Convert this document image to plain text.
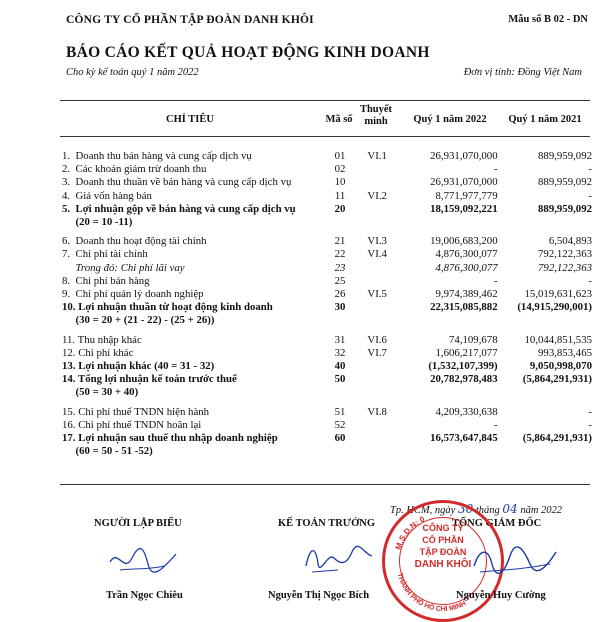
CÔNG TY CỔ PHẦN TẬP ĐOÀN DANH KHÔI	Mẫu số B 02 - DN
BÁO CÁO KẾT QUẢ HOẠT ĐỘNG KINH DOANH
Cho kỳ kế toán quý 1 năm 2022	Đơn vị tính: Đồng Việt Nam
CHỈ TIÊU	Mã số
Thuyết
minh	Quý 1 năm 2022	Quý 1 năm 2021
1.  Doanh thu bán hàng và cung cấp dịch vụ	01	VI.1	26,931,070,000	889,959,092
2.  Các khoản giảm trừ doanh thu	02		-	-
3.  Doanh thu thuần về bán hàng và cung cấp dịch vụ	10		26,931,070,000	889,959,092
4.  Giá vốn hàng bán	11	VI.2	8,771,977,779	-
5.  Lợi nhuận gộp về bán hàng và cung cấp dịch vụ	20		18,159,092,221	889,959,092
(20 = 10 -11)				

6.  Doanh thu hoạt động tài chính	21	VI.3	19,006,683,200	6,504,893
7.  Chi phí tài chính	22	VI.4	4,876,300,077	792,122,363
Trong đó: Chi phí lãi vay	23		4,876,300,077	792,122,363
8.  Chi phí bán hàng	25		-	-
9.  Chi phí quản lý doanh nghiệp	26	VI.5	9,974,389,462	15,019,631,623
10. Lợi nhuận thuần từ hoạt động kinh doanh	30		22,315,085,882	(14,915,290,001)
(30 = 20 + (21 - 22) - (25 + 26))				

11. Thu nhập khác	31	VI.6	74,109,678	10,044,851,535
12. Chi phí khác	32	VI.7	1,606,217,077	993,853,465
13. Lợi nhuận khác (40 = 31 - 32)	40		(1,532,107,399)	9,050,998,070
14. Tổng lợi nhuận kế toán trước thuế	50		20,782,978,483	(5,864,291,931)
(50 = 30 + 40)				

15. Chi phí thuế TNDN hiện hành	51	VI.8	4,209,330,638	-
16. Chi phí thuế TNDN hoãn lại	52		-	-
17. Lợi nhuận sau thuế thu nhập doanh nghiệp	60		16,573,647,845	(5,864,291,931)
(60 = 50 - 51 -52)				
Tp. HCM, ngày 30 tháng 04 năm 2022
NGƯỜI LẬP BIỂU	KẾ TOÁN TRƯỞNG	TỔNG GIÁM ĐỐC
M.S.D.N: 0
THÀNH PHỐ HỒ CHÍ MINH
CÔNG TY
CỔ PHẦN
TẬP ĐOÀN
DANH KHÔI
Trần Ngọc Chiêu	Nguyễn Thị Ngọc Bích	Nguyễn Huy Cường
